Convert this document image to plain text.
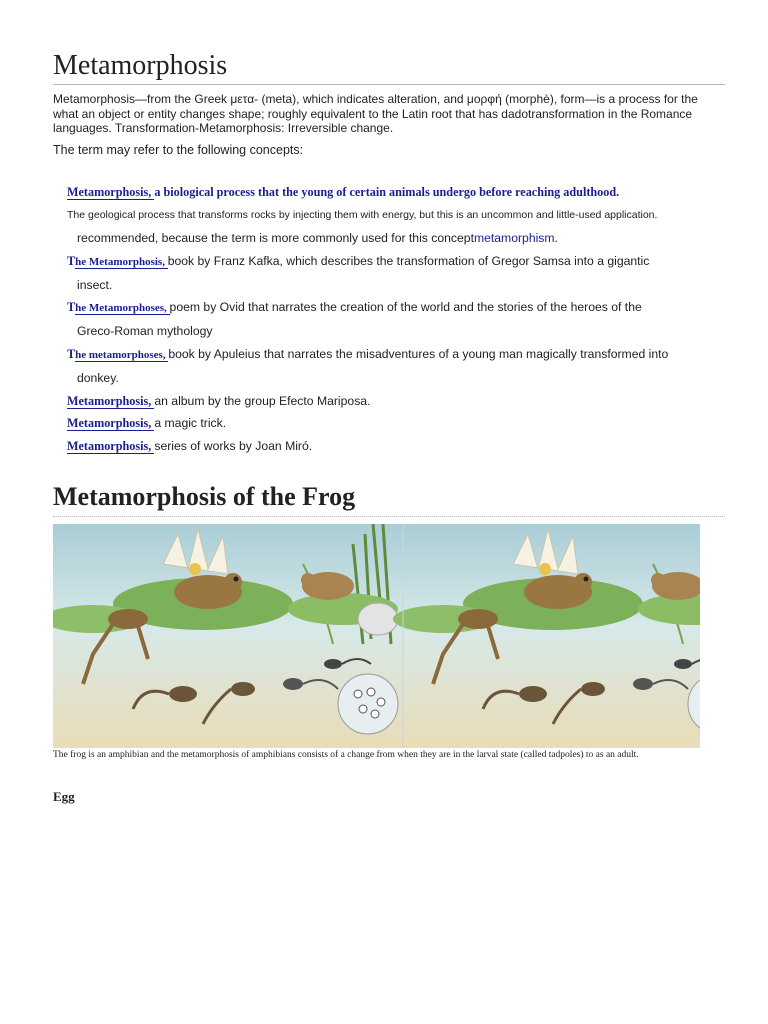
Metamorphosis

Metamorphosis—from the Greek μετα- (meta), which indicates alteration, and μορφή (morphè), form—is a process for the what an object or entity changes shape; roughly equivalent to the Latin root that has dadotransformation in the Romance languages. Transformation-Metamorphosis: Irreversible change.

The term may refer to the following concepts:

Metamorphosis, a biological process that the young of certain animals undergo before reaching adulthood.
The geological process that transforms rocks by injecting them with energy, but this is an uncommon and little-used application.
recommended, because the term is more commonly used for this conceptmetamorphism.
The Metamorphosis, book by Franz Kafka, which describes the transformation of Gregor Samsa into a gigantic
insect.
The Metamorphoses, poem by Ovid that narrates the creation of the world and the stories of the heroes of the
Greco-Roman mythology
The metamorphoses, book by Apuleius that narrates the misadventures of a young man magically transformed into
donkey.
Metamorphosis, an album by the group Efecto Mariposa.
Metamorphosis, a magic trick.
Metamorphosis, series of works by Joan Miró.
Metamorphosis of the Frog
The frog is an amphibian and the metamorphosis of amphibians consists of a change from when they are in the larval state (called tadpoles) to as an adult.
Egg
